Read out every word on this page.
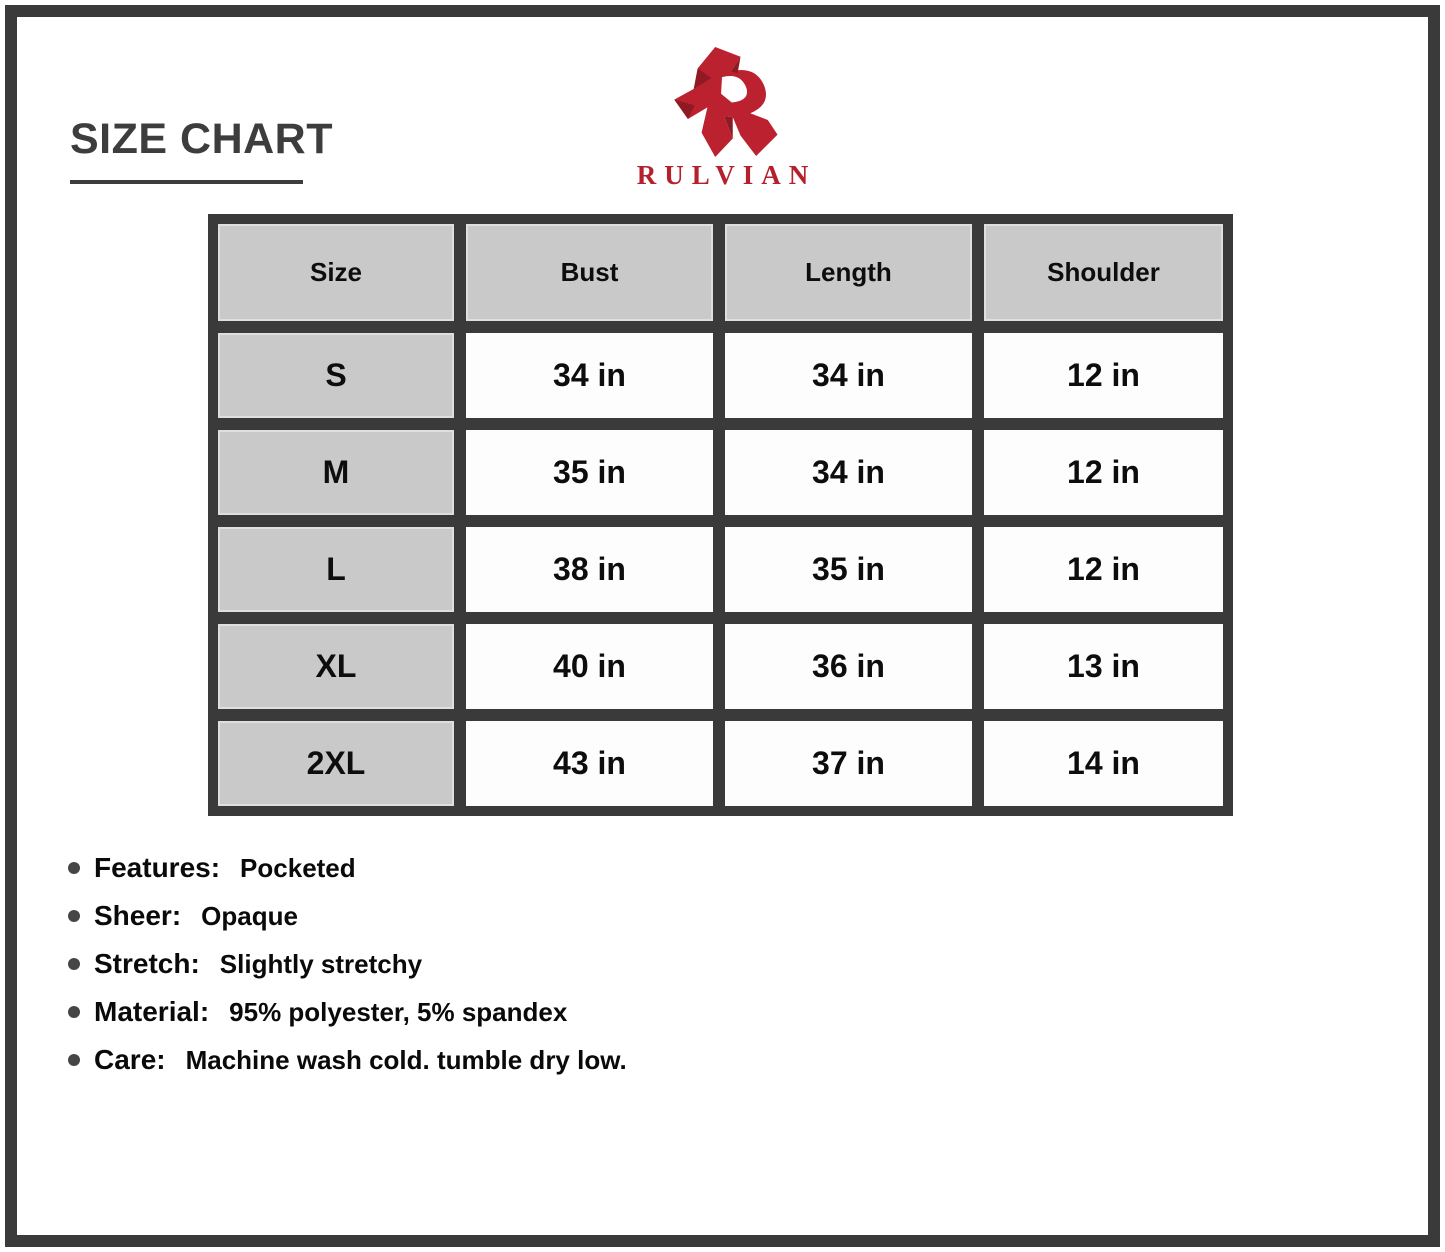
SIZE CHART
RULVIAN
Size	Bust	Length	Shoulder
S	34 in	34 in	12 in
M	35 in	34 in	12 in
L	38 in	35 in	12 in
XL	40 in	36 in	13 in
2XL	43 in	37 in	14 in
Features: Pocketed
Sheer: Opaque
Stretch: Slightly stretchy
Material: 95% polyester, 5% spandex
Care: Machine wash cold. tumble dry low.
